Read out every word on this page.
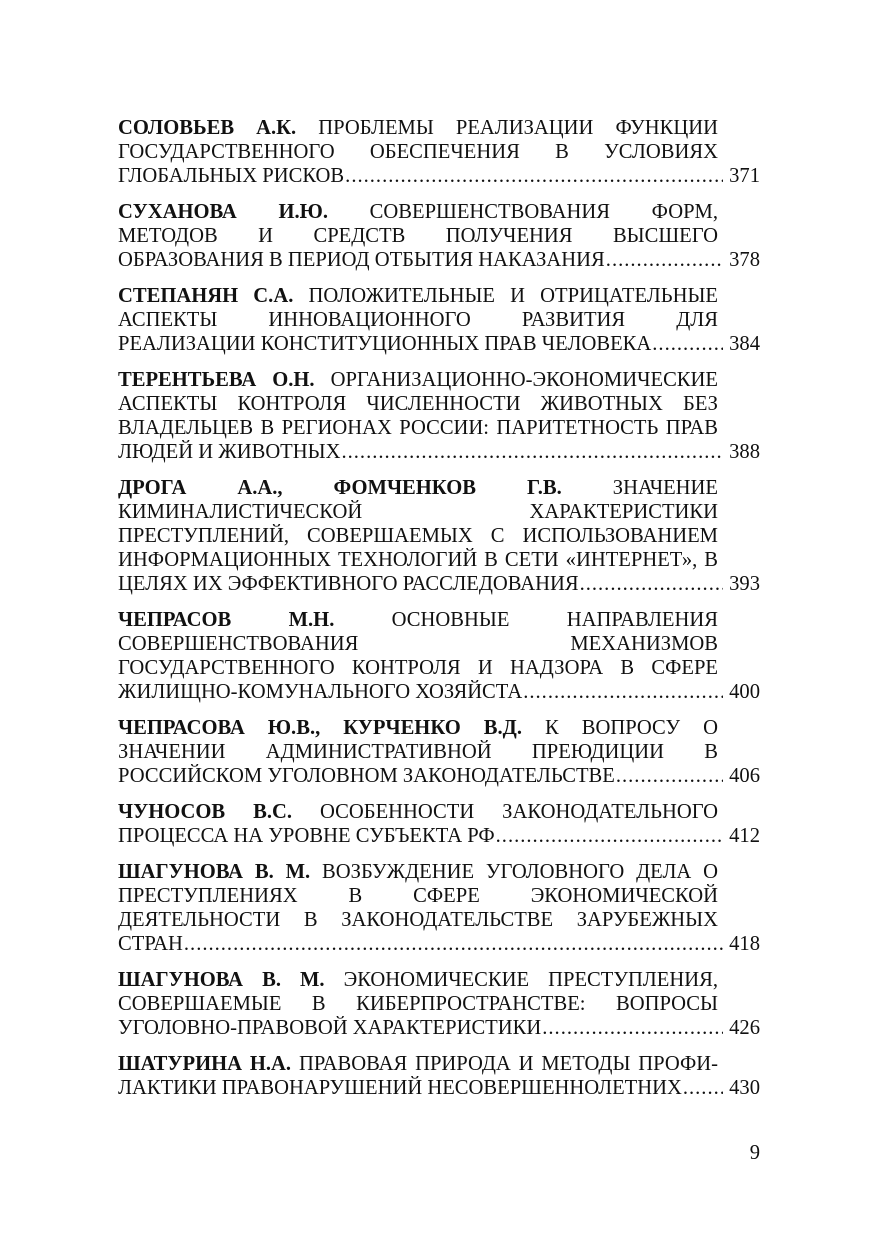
СОЛОВЬЕВ А.К. ПРОБЛЕМЫ РЕАЛИЗАЦИИ ФУНКЦИИ
ГОСУДАРСТВЕННОГО ОБЕСПЕЧЕНИЯ В УСЛОВИЯХ
ГЛОБАЛЬНЫХ РИСКОВ .....	371
СУХАНОВА И.Ю. СОВЕРШЕНСТВОВАНИЯ ФОРМ,
МЕТОДОВ И СРЕДСТВ ПОЛУЧЕНИЯ ВЫСШЕГО
ОБРАЗОВАНИЯ В ПЕРИОД ОТБЫТИЯ НАКАЗАНИЯ .....	378
СТЕПАНЯН С.А. ПОЛОЖИТЕЛЬНЫЕ И ОТРИЦАТЕЛЬНЫЕ
АСПЕКТЫ ИННОВАЦИОННОГО РАЗВИТИЯ ДЛЯ
РЕАЛИЗАЦИИ КОНСТИТУЦИОННЫХ ПРАВ ЧЕЛОВЕКА .....	384
ТЕРЕНТЬЕВА О.Н. ОРГАНИЗАЦИОННО-ЭКОНОМИЧЕСКИЕ
АСПЕКТЫ КОНТРОЛЯ ЧИСЛЕННОСТИ ЖИВОТНЫХ БЕЗ
ВЛАДЕЛЬЦЕВ В РЕГИОНАХ РОССИИ: ПАРИТЕТНОСТЬ ПРАВ
ЛЮДЕЙ И ЖИВОТНЫХ .....	388
ДРОГА А.А., ФОМЧЕНКОВ Г.В. ЗНАЧЕНИЕ
КИМИНАЛИСТИЧЕСКОЙ ХАРАКТЕРИСТИКИ
ПРЕСТУПЛЕНИЙ, СОВЕРШАЕМЫХ С ИСПОЛЬЗОВАНИЕМ
ИНФОРМАЦИОННЫХ ТЕХНОЛОГИЙ В СЕТИ «ИНТЕРНЕТ», В
ЦЕЛЯХ ИХ ЭФФЕКТИВНОГО РАССЛЕДОВАНИЯ .....	393
ЧЕПРАСОВ М.Н. ОСНОВНЫЕ НАПРАВЛЕНИЯ
СОВЕРШЕНСТВОВАНИЯ МЕХАНИЗМОВ
ГОСУДАРСТВЕННОГО КОНТРОЛЯ И НАДЗОРА В СФЕРЕ
ЖИЛИЩНО-КОМУНАЛЬНОГО ХОЗЯЙСТА .....	400
ЧЕПРАСОВА Ю.В., КУРЧЕНКО В.Д. К ВОПРОСУ О
ЗНАЧЕНИИ АДМИНИСТРАТИВНОЙ ПРЕЮДИЦИИ В
РОССИЙСКОМ УГОЛОВНОМ ЗАКОНОДАТЕЛЬСТВЕ .....	406
ЧУНОСОВ В.С. ОСОБЕННОСТИ ЗАКОНОДАТЕЛЬНОГО
ПРОЦЕССА НА УРОВНЕ СУБЪЕКТА РФ .....	412
ШАГУНОВА В. М. ВОЗБУЖДЕНИЕ УГОЛОВНОГО ДЕЛА О
ПРЕСТУПЛЕНИЯХ В СФЕРЕ ЭКОНОМИЧЕСКОЙ
ДЕЯТЕЛЬНОСТИ В ЗАКОНОДАТЕЛЬСТВЕ ЗАРУБЕЖНЫХ
СТРАН .....	418
ШАГУНОВА В. М. ЭКОНОМИЧЕСКИЕ ПРЕСТУПЛЕНИЯ,
СОВЕРШАЕМЫЕ В КИБЕРПРОСТРАНСТВЕ: ВОПРОСЫ
УГОЛОВНО-ПРАВОВОЙ ХАРАКТЕРИСТИКИ .....	426
ШАТУРИНА Н.А. ПРАВОВАЯ ПРИРОДА И МЕТОДЫ ПРОФИ-
ЛАКТИКИ ПРАВОНАРУШЕНИЙ НЕСОВЕРШЕННОЛЕТНИХ ..... 430
9
